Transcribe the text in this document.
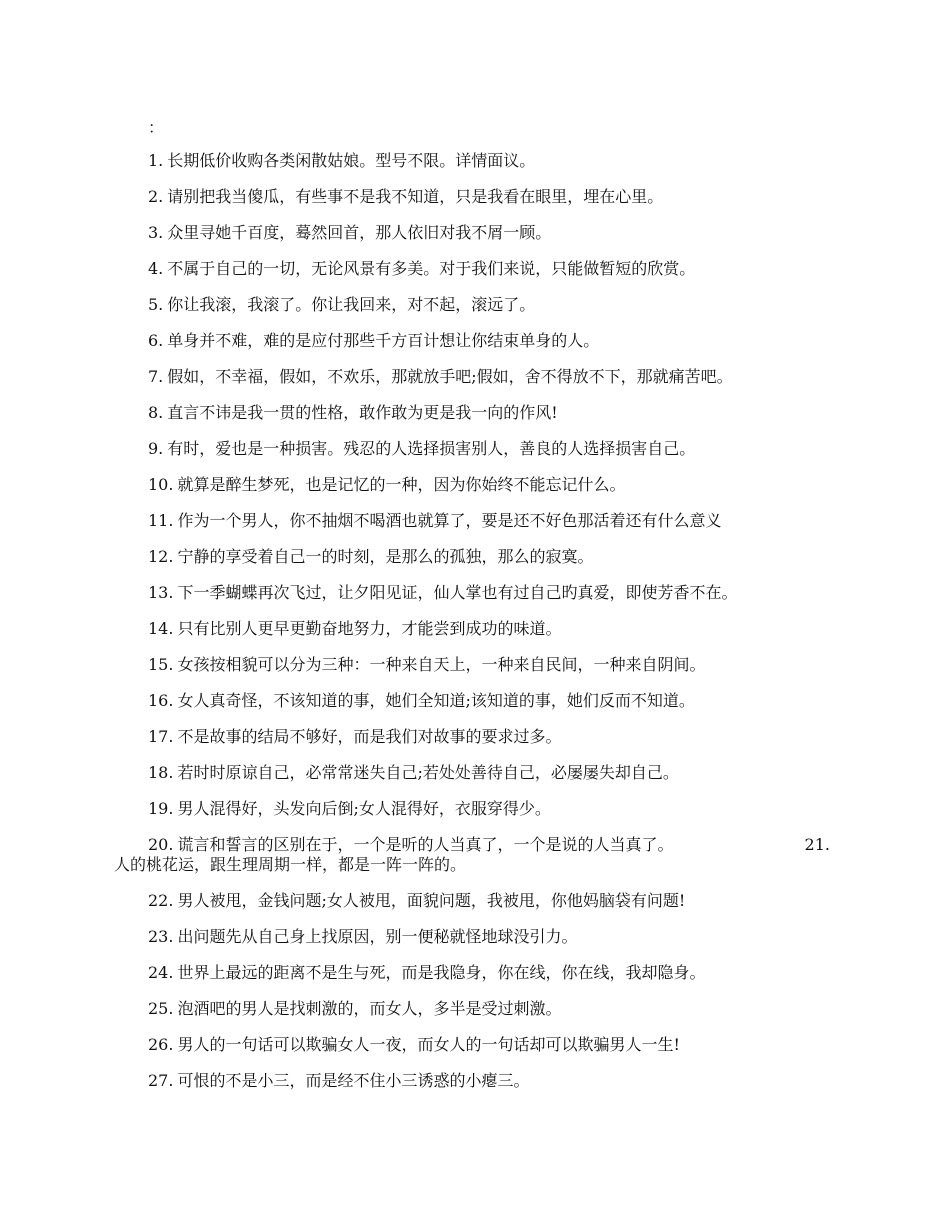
：
1. 长期低价收购各类闲散姑娘。型号不限。详情面议。
2. 请别把我当傻瓜，有些事不是我不知道，只是我看在眼里，埋在心里。
3. 众里寻她千百度，蓦然回首，那人依旧对我不屑一顾。
4. 不属于自己的一切，无论风景有多美。对于我们来说，只能做暂短的欣赏。
5. 你让我滚，我滚了。你让我回来，对不起，滚远了。
6. 单身并不难，难的是应付那些千方百计想让你结束单身的人。
7. 假如，不幸福，假如，不欢乐，那就放手吧;假如，舍不得放不下，那就痛苦吧。
8. 直言不讳是我一贯的性格，敢作敢为更是我一向的作风!
9. 有时，爱也是一种损害。残忍的人选择损害别人，善良的人选择损害自己。
10. 就算是醉生梦死，也是记忆的一种，因为你始终不能忘记什么。
11. 作为一个男人，你不抽烟不喝酒也就算了，要是还不好色那活着还有什么意义
12. 宁静的享受着自己一的时刻，是那么的孤独，那么的寂寞。
13. 下一季蝴蝶再次飞过，让夕阳见证，仙人掌也有过自己旳真爱，即使芳香不在。
14. 只有比别人更早更勤奋地努力，才能尝到成功的味道。
15. 女孩按相貌可以分为三种：一种来自天上，一种来自民间，一种来自阴间。
16. 女人真奇怪，不该知道的事，她们全知道;该知道的事，她们反而不知道。
17. 不是故事的结局不够好，而是我们对故事的要求过多。
18. 若时时原谅自己，必常常迷失自己;若处处善待自己，必屡屡失却自己。
19. 男人混得好，头发向后倒;女人混得好，衣服穿得少。
20. 谎言和誓言的区别在于，一个是听的人当真了，一个是说的人当真了。	21.

人的桃花运，跟生理周期一样，都是一阵一阵的。
22. 男人被甩，金钱问题;女人被甩，面貌问题，我被甩，你他妈脑袋有问题!
23. 出问题先从自己身上找原因，别一便秘就怪地球没引力。
24. 世界上最远的距离不是生与死，而是我隐身，你在线，你在线，我却隐身。
25. 泡酒吧的男人是找刺激的，而女人，多半是受过刺激。
26. 男人的一句话可以欺骗女人一夜，而女人的一句话却可以欺骗男人一生!
27. 可恨的不是小三，而是经不住小三诱惑的小瘪三。
